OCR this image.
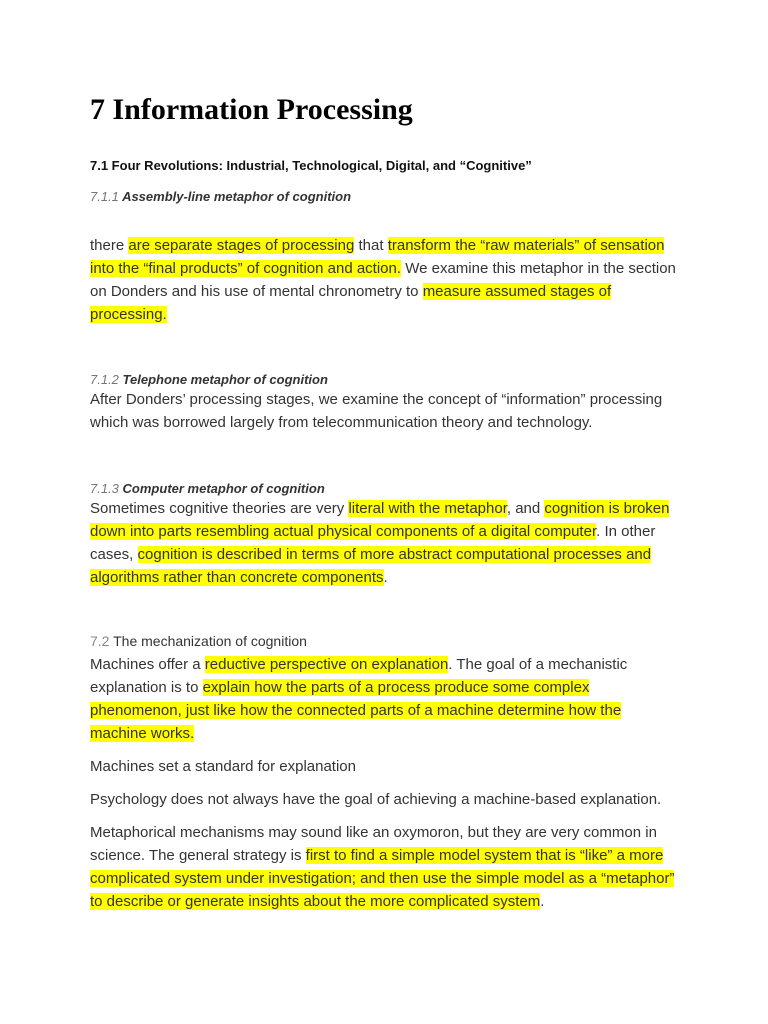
7 Information Processing
7.1 Four Revolutions: Industrial, Technological, Digital, and “Cognitive”
7.1.1 Assembly-line metaphor of cognition

there are separate stages of processing that transform the “raw materials” of sensation into the “final products” of cognition and action. We examine this metaphor in the section on Donders and his use of mental chronometry to measure assumed stages of processing.

7.1.2 Telephone metaphor of cognition

After Donders’ processing stages, we examine the concept of “information” processing which was borrowed largely from telecommunication theory and technology.

7.1.3 Computer metaphor of cognition

Sometimes cognitive theories are very literal with the metaphor, and cognition is broken down into parts resembling actual physical components of a digital computer. In other cases, cognition is described in terms of more abstract computational processes and algorithms rather than concrete components.

7.2 The mechanization of cognition

Machines offer a reductive perspective on explanation. The goal of a mechanistic explanation is to explain how the parts of a process produce some complex phenomenon, just like how the connected parts of a machine determine how the machine works.

Machines set a standard for explanation

Psychology does not always have the goal of achieving a machine-based explanation.

Metaphorical mechanisms may sound like an oxymoron, but they are very common in science. The general strategy is first to find a simple model system that is “like” a more complicated system under investigation; and then use the simple model as a “metaphor” to describe or generate insights about the more complicated system.
